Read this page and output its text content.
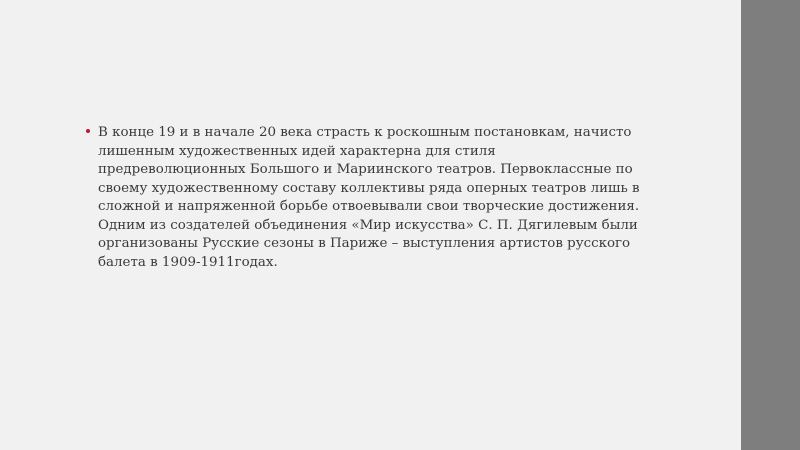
В конце 19 и в начале 20 века страсть к роскошным постановкам, начисто лишенным художественных идей характерна для стиля предреволюционных Большого и Мариинского театров. Первоклассные по своему художественному составу коллективы ряда оперных театров лишь в сложной и напряженной борьбе отвоевывали свои творческие достижения. Одним из создателей объединения «Мир искусства» С. П. Дягилевым были организованы Русские сезоны в Париже – выступления артистов русского балета в 1909-1911годах.
